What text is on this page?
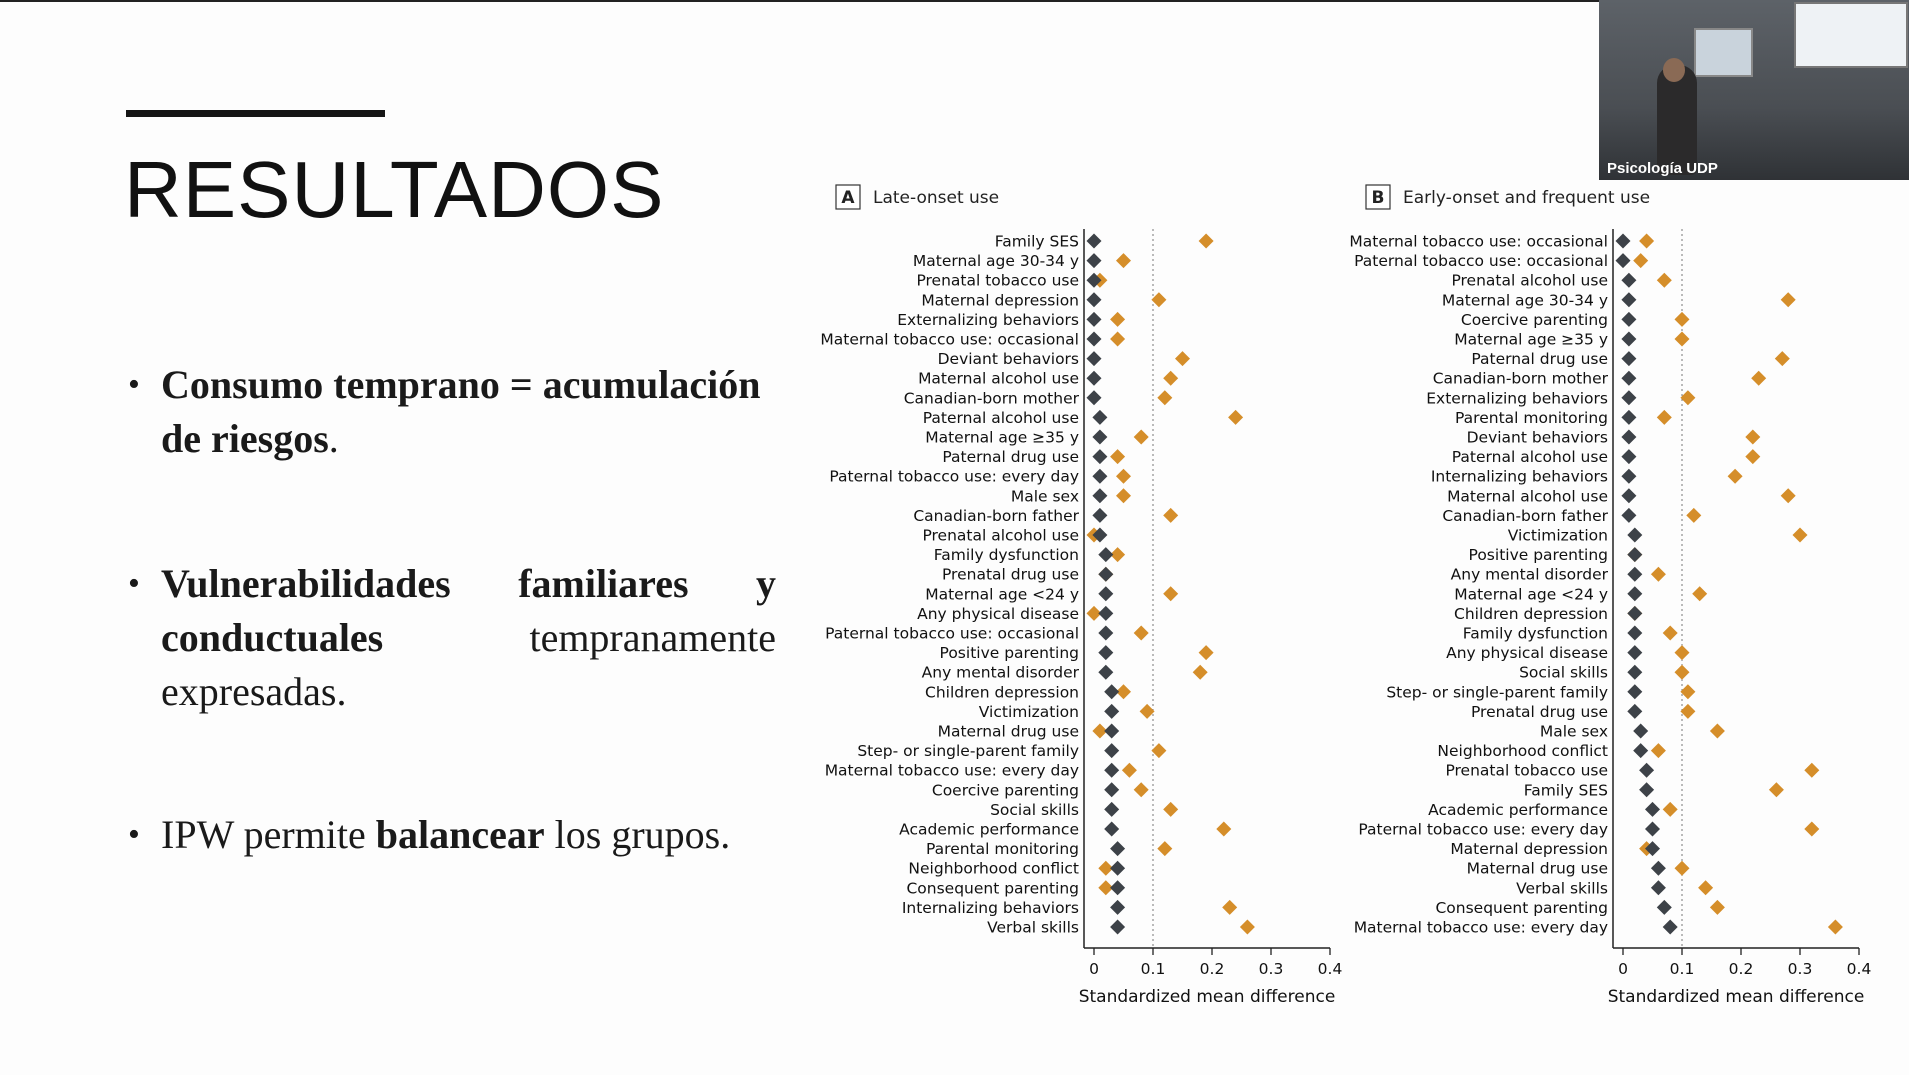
RESULTADOS
• Consumo temprano = acumulación
de riesgos.
• Vulnerabilidades familiares y
conductuales	tempranamente
expresadas.
• IPW permite balancear los grupos.
A Late-onset use
0	0.1 0.2 0.3 0.4
Standardized mean difference
Family SES
Maternal age 30-34 y
Prenatal tobacco use
Maternal depression
Externalizing behaviors
Maternal tobacco use: occasional
Deviant behaviors
Maternal alcohol use
Canadian-born mother
Paternal alcohol use
Maternal age ≥35 y
Paternal drug use
Paternal tobacco use: every day
Male sex
Canadian-born father
Prenatal alcohol use
Family dysfunction
Prenatal drug use
Maternal age <24 y
Any physical disease
Paternal tobacco use: occasional
Positive parenting
Any mental disorder
Children depression
Victimization
Maternal drug use
Step- or single-parent family
Maternal tobacco use: every day
Coercive parenting
Social skills
Academic performance
Parental monitoring
Neighborhood conflict
Consequent parenting
Internalizing behaviors
Verbal skills
B Early-onset and frequent use
0	0.1 0.2 0.3 0.4
Standardized mean difference
Maternal tobacco use: occasional
Paternal tobacco use: occasional
Prenatal alcohol use
Maternal age 30-34 y
Coercive parenting
Maternal age ≥35 y
Paternal drug use
Canadian-born mother
Externalizing behaviors
Parental monitoring
Deviant behaviors
Paternal alcohol use
Internalizing behaviors
Maternal alcohol use
Canadian-born father
Victimization
Positive parenting
Any mental disorder
Maternal age <24 y
Children depression
Family dysfunction
Any physical disease
Social skills
Step- or single-parent family
Prenatal drug use
Male sex
Neighborhood conflict
Prenatal tobacco use
Family SES
Academic performance
Paternal tobacco use: every day
Maternal depression
Maternal drug use
Verbal skills
Consequent parenting
Maternal tobacco use: every day
Psicología UDP
